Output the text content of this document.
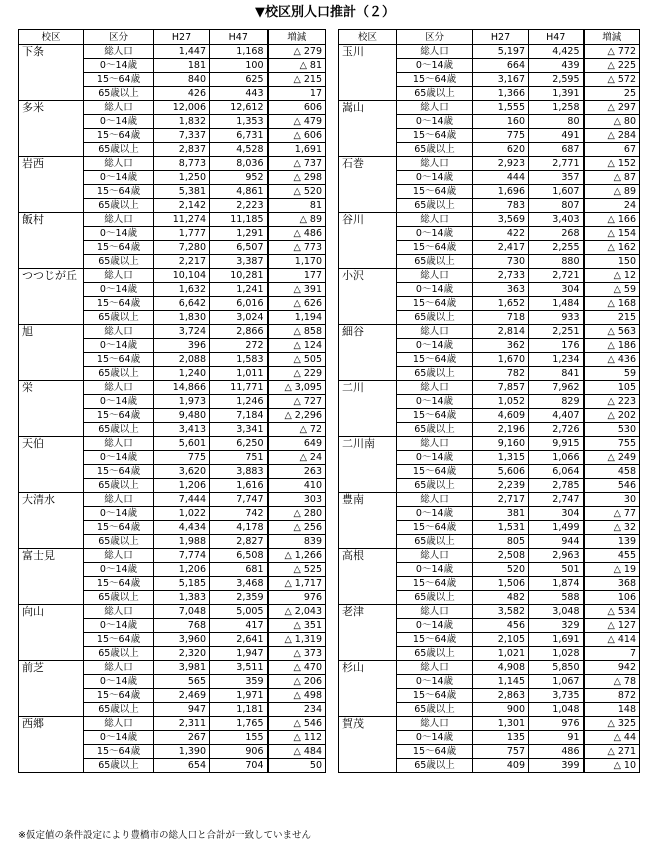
▼校区別人口推計（２）
校区	区分	H27	H47	増減
下条	総人口	1,447	1,168	△ 279
	0～14歳	181	100	△ 81
	15～64歳	840	625	△ 215
	65歳以上	426	443	17
多米	総人口	12,006	12,612	606
	0～14歳	1,832	1,353	△ 479
	15～64歳	7,337	6,731	△ 606
	65歳以上	2,837	4,528	1,691
岩西	総人口	8,773	8,036	△ 737
	0～14歳	1,250	952	△ 298
	15～64歳	5,381	4,861	△ 520
	65歳以上	2,142	2,223	81
飯村	総人口	11,274	11,185	△ 89
	0～14歳	1,777	1,291	△ 486
	15～64歳	7,280	6,507	△ 773
	65歳以上	2,217	3,387	1,170
つつじが丘	総人口	10,104	10,281	177
	0～14歳	1,632	1,241	△ 391
	15～64歳	6,642	6,016	△ 626
	65歳以上	1,830	3,024	1,194
旭	総人口	3,724	2,866	△ 858
	0～14歳	396	272	△ 124
	15～64歳	2,088	1,583	△ 505
	65歳以上	1,240	1,011	△ 229
栄	総人口	14,866	11,771	△ 3,095
	0～14歳	1,973	1,246	△ 727
	15～64歳	9,480	7,184	△ 2,296
	65歳以上	3,413	3,341	△ 72
天伯	総人口	5,601	6,250	649
	0～14歳	775	751	△ 24
	15～64歳	3,620	3,883	263
	65歳以上	1,206	1,616	410
大清水	総人口	7,444	7,747	303
	0～14歳	1,022	742	△ 280
	15～64歳	4,434	4,178	△ 256
	65歳以上	1,988	2,827	839
富士見	総人口	7,774	6,508	△ 1,266
	0～14歳	1,206	681	△ 525
	15～64歳	5,185	3,468	△ 1,717
	65歳以上	1,383	2,359	976
向山	総人口	7,048	5,005	△ 2,043
	0～14歳	768	417	△ 351
	15～64歳	3,960	2,641	△ 1,319
	65歳以上	2,320	1,947	△ 373
前芝	総人口	3,981	3,511	△ 470
	0～14歳	565	359	△ 206
	15～64歳	2,469	1,971	△ 498
	65歳以上	947	1,181	234
西郷	総人口	2,311	1,765	△ 546
	0～14歳	267	155	△ 112
	15～64歳	1,390	906	△ 484
	65歳以上	654	704	50
校区	区分	H27	H47	増減
玉川	総人口	5,197	4,425	△ 772
	0～14歳	664	439	△ 225
	15～64歳	3,167	2,595	△ 572
	65歳以上	1,366	1,391	25
嵩山	総人口	1,555	1,258	△ 297
	0～14歳	160	80	△ 80
	15～64歳	775	491	△ 284
	65歳以上	620	687	67
石巻	総人口	2,923	2,771	△ 152
	0～14歳	444	357	△ 87
	15～64歳	1,696	1,607	△ 89
	65歳以上	783	807	24
谷川	総人口	3,569	3,403	△ 166
	0～14歳	422	268	△ 154
	15～64歳	2,417	2,255	△ 162
	65歳以上	730	880	150
小沢	総人口	2,733	2,721	△ 12
	0～14歳	363	304	△ 59
	15～64歳	1,652	1,484	△ 168
	65歳以上	718	933	215
細谷	総人口	2,814	2,251	△ 563
	0～14歳	362	176	△ 186
	15～64歳	1,670	1,234	△ 436
	65歳以上	782	841	59
二川	総人口	7,857	7,962	105
	0～14歳	1,052	829	△ 223
	15～64歳	4,609	4,407	△ 202
	65歳以上	2,196	2,726	530
二川南	総人口	9,160	9,915	755
	0～14歳	1,315	1,066	△ 249
	15～64歳	5,606	6,064	458
	65歳以上	2,239	2,785	546
豊南	総人口	2,717	2,747	30
	0～14歳	381	304	△ 77
	15～64歳	1,531	1,499	△ 32
	65歳以上	805	944	139
高根	総人口	2,508	2,963	455
	0～14歳	520	501	△ 19
	15～64歳	1,506	1,874	368
	65歳以上	482	588	106
老津	総人口	3,582	3,048	△ 534
	0～14歳	456	329	△ 127
	15～64歳	2,105	1,691	△ 414
	65歳以上	1,021	1,028	7
杉山	総人口	4,908	5,850	942
	0～14歳	1,145	1,067	△ 78
	15～64歳	2,863	3,735	872
	65歳以上	900	1,048	148
賀茂	総人口	1,301	976	△ 325
	0～14歳	135	91	△ 44
	15～64歳	757	486	△ 271
	65歳以上	409	399	△ 10
※仮定値の条件設定により豊橋市の総人口と合計が一致していません
